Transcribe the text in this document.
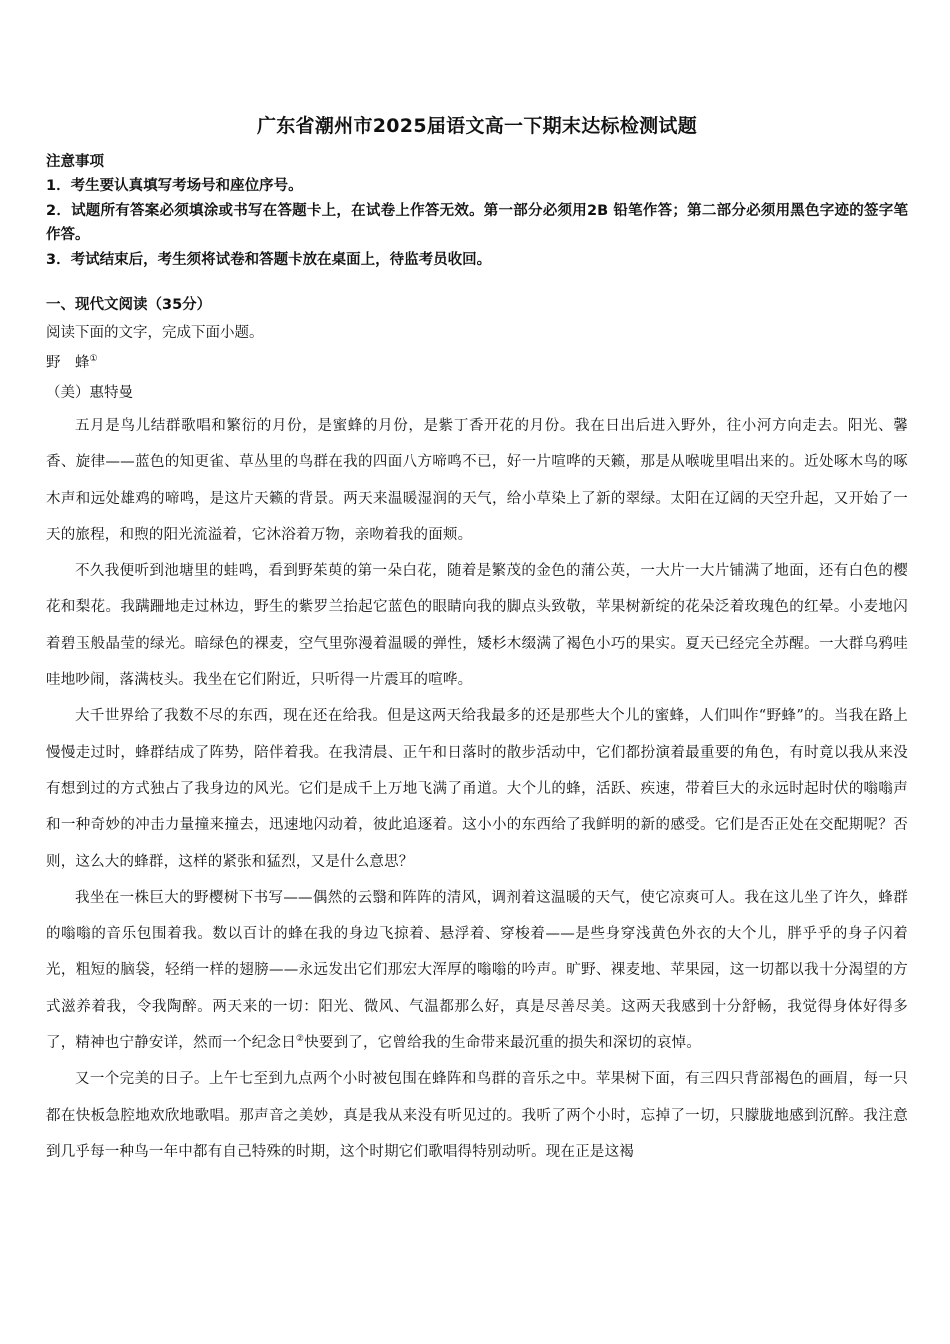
广东省潮州市2025届语文高一下期末达标检测试题

注意事项

1．考生要认真填写考场号和座位序号。

2．试题所有答案必须填涂或书写在答题卡上，在试卷上作答无效。第一部分必须用2B 铅笔作答；第二部分必须用黑色字迹的签字笔作答。

3．考试结束后，考生须将试卷和答题卡放在桌面上，待监考员收回。

一、现代文阅读（35分）

阅读下面的文字，完成下面小题。

野　蜂①

（美）惠特曼

五月是鸟儿结群歌唱和繁衍的月份，是蜜蜂的月份，是紫丁香开花的月份。我在日出后进入野外，往小河方向走去。阳光、馨香、旋律——蓝色的知更雀、草丛里的鸟群在我的四面八方啼鸣不已，好一片喧哗的天籁，那是从喉咙里唱出来的。近处啄木鸟的啄木声和远处雄鸡的啼鸣，是这片天籁的背景。两天来温暖湿润的天气，给小草染上了新的翠绿。太阳在辽阔的天空升起，又开始了一天的旅程，和煦的阳光流溢着，它沐浴着万物，亲吻着我的面颊。

不久我便听到池塘里的蛙鸣，看到野茱萸的第一朵白花，随着是繁茂的金色的蒲公英，一大片一大片铺满了地面，还有白色的樱花和梨花。我蹒跚地走过林边，野生的紫罗兰抬起它蓝色的眼睛向我的脚点头致敬，苹果树新绽的花朵泛着玫瑰色的红晕。小麦地闪着碧玉般晶莹的绿光。暗绿色的裸麦，空气里弥漫着温暖的弹性，矮杉木缀满了褐色小巧的果实。夏天已经完全苏醒。一大群乌鸦哇哇地吵闹，落满枝头。我坐在它们附近，只听得一片震耳的喧哗。

大千世界给了我数不尽的东西，现在还在给我。但是这两天给我最多的还是那些大个儿的蜜蜂，人们叫作“野蜂”的。当我在路上慢慢走过时，蜂群结成了阵势，陪伴着我。在我清晨、正午和日落时的散步活动中，它们都扮演着最重要的角色，有时竟以我从来没有想到过的方式独占了我身边的风光。它们是成千上万地飞满了甬道。大个儿的蜂，活跃、疾速，带着巨大的永远时起时伏的嗡嗡声和一种奇妙的冲击力量撞来撞去，迅速地闪动着，彼此追逐着。这小小的东西给了我鲜明的新的感受。它们是否正处在交配期呢？否则，这么大的蜂群，这样的紧张和猛烈，又是什么意思？

我坐在一株巨大的野樱树下书写——偶然的云翳和阵阵的清风，调剂着这温暖的天气，使它凉爽可人。我在这儿坐了许久，蜂群的嗡嗡的音乐包围着我。数以百计的蜂在我的身边飞掠着、悬浮着、穿梭着——是些身穿浅黄色外衣的大个儿，胖乎乎的身子闪着光，粗短的脑袋，轻绡一样的翅膀——永远发出它们那宏大浑厚的嗡嗡的吟声。旷野、裸麦地、苹果园，这一切都以我十分渴望的方式滋养着我，令我陶醉。两天来的一切：阳光、微风、气温都那么好，真是尽善尽美。这两天我感到十分舒畅，我觉得身体好得多了，精神也宁静安详，然而一个纪念日②快要到了，它曾给我的生命带来最沉重的损失和深切的哀悼。

又一个完美的日子。上午七至到九点两个小时被包围在蜂阵和鸟群的音乐之中。苹果树下面，有三四只背部褐色的画眉，每一只都在快板急腔地欢欣地歌唱。那声音之美妙，真是我从来没有听见过的。我听了两个小时，忘掉了一切，只朦胧地感到沉醉。我注意到几乎每一种鸟一年中都有自己特殊的时期，这个时期它们歌唱得特别动听。现在正是这褐
